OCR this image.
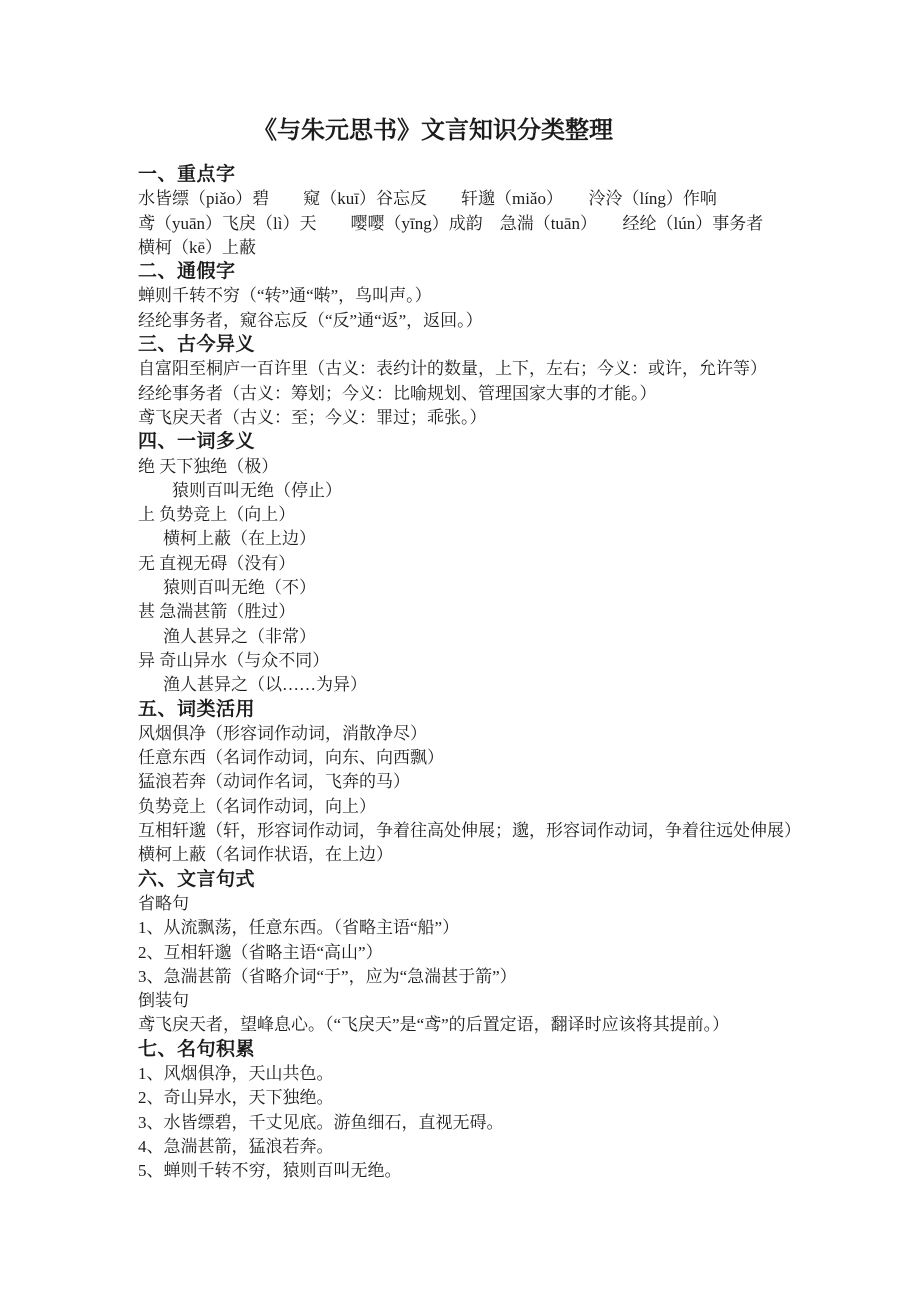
《与朱元思书》文言知识分类整理
一、重点字

水皆缥（piǎo）碧　　窥（kuī）谷忘反　　轩邈（miǎo）　　泠泠（líng）作响

鸢（yuān）飞戾（lì）天　　嘤嘤（yīng）成韵　急湍（tuān）　　经纶（lún）事务者

横柯（kē）上蔽

二、通假字

蝉则千转不穷（“转”通“啭”，鸟叫声。）

经纶事务者，窥谷忘反（“反”通“返”，返回。）

三、古今异义

自富阳至桐庐一百许里（古义：表约计的数量，上下，左右；今义：或许，允许等）

经纶事务者（古义：筹划；今义：比喻规划、管理国家大事的才能。）

鸢飞戾天者（古义：至；今义：罪过；乖张。）

四、一词多义

绝 天下独绝（极）

猿则百叫无绝（停止）

上 负势竞上（向上）

横柯上蔽（在上边）

无 直视无碍（没有）

猿则百叫无绝（不）

甚 急湍甚箭（胜过）

渔人甚异之（非常）

异 奇山异水（与众不同）

渔人甚异之（以……为异）

五、词类活用

风烟俱净（形容词作动词，消散净尽）

任意东西（名词作动词，向东、向西飘）

猛浪若奔（动词作名词，飞奔的马）

负势竞上（名词作动词，向上）

互相轩邈（轩，形容词作动词，争着往高处伸展；邈，形容词作动词，争着往远处伸展）

横柯上蔽（名词作状语，在上边）

六、文言句式

省略句

1、从流飘荡，任意东西。（省略主语“船”）

2、互相轩邈（省略主语“高山”）

3、急湍甚箭（省略介词“于”，应为“急湍甚于箭”）

倒装句

鸢飞戾天者，望峰息心。（“飞戾天”是“鸢”的后置定语，翻译时应该将其提前。）

七、名句积累

1、风烟俱净，天山共色。

2、奇山异水，天下独绝。

3、水皆缥碧，千丈见底。游鱼细石，直视无碍。

4、急湍甚箭，猛浪若奔。

5、蝉则千转不穷，猿则百叫无绝。
